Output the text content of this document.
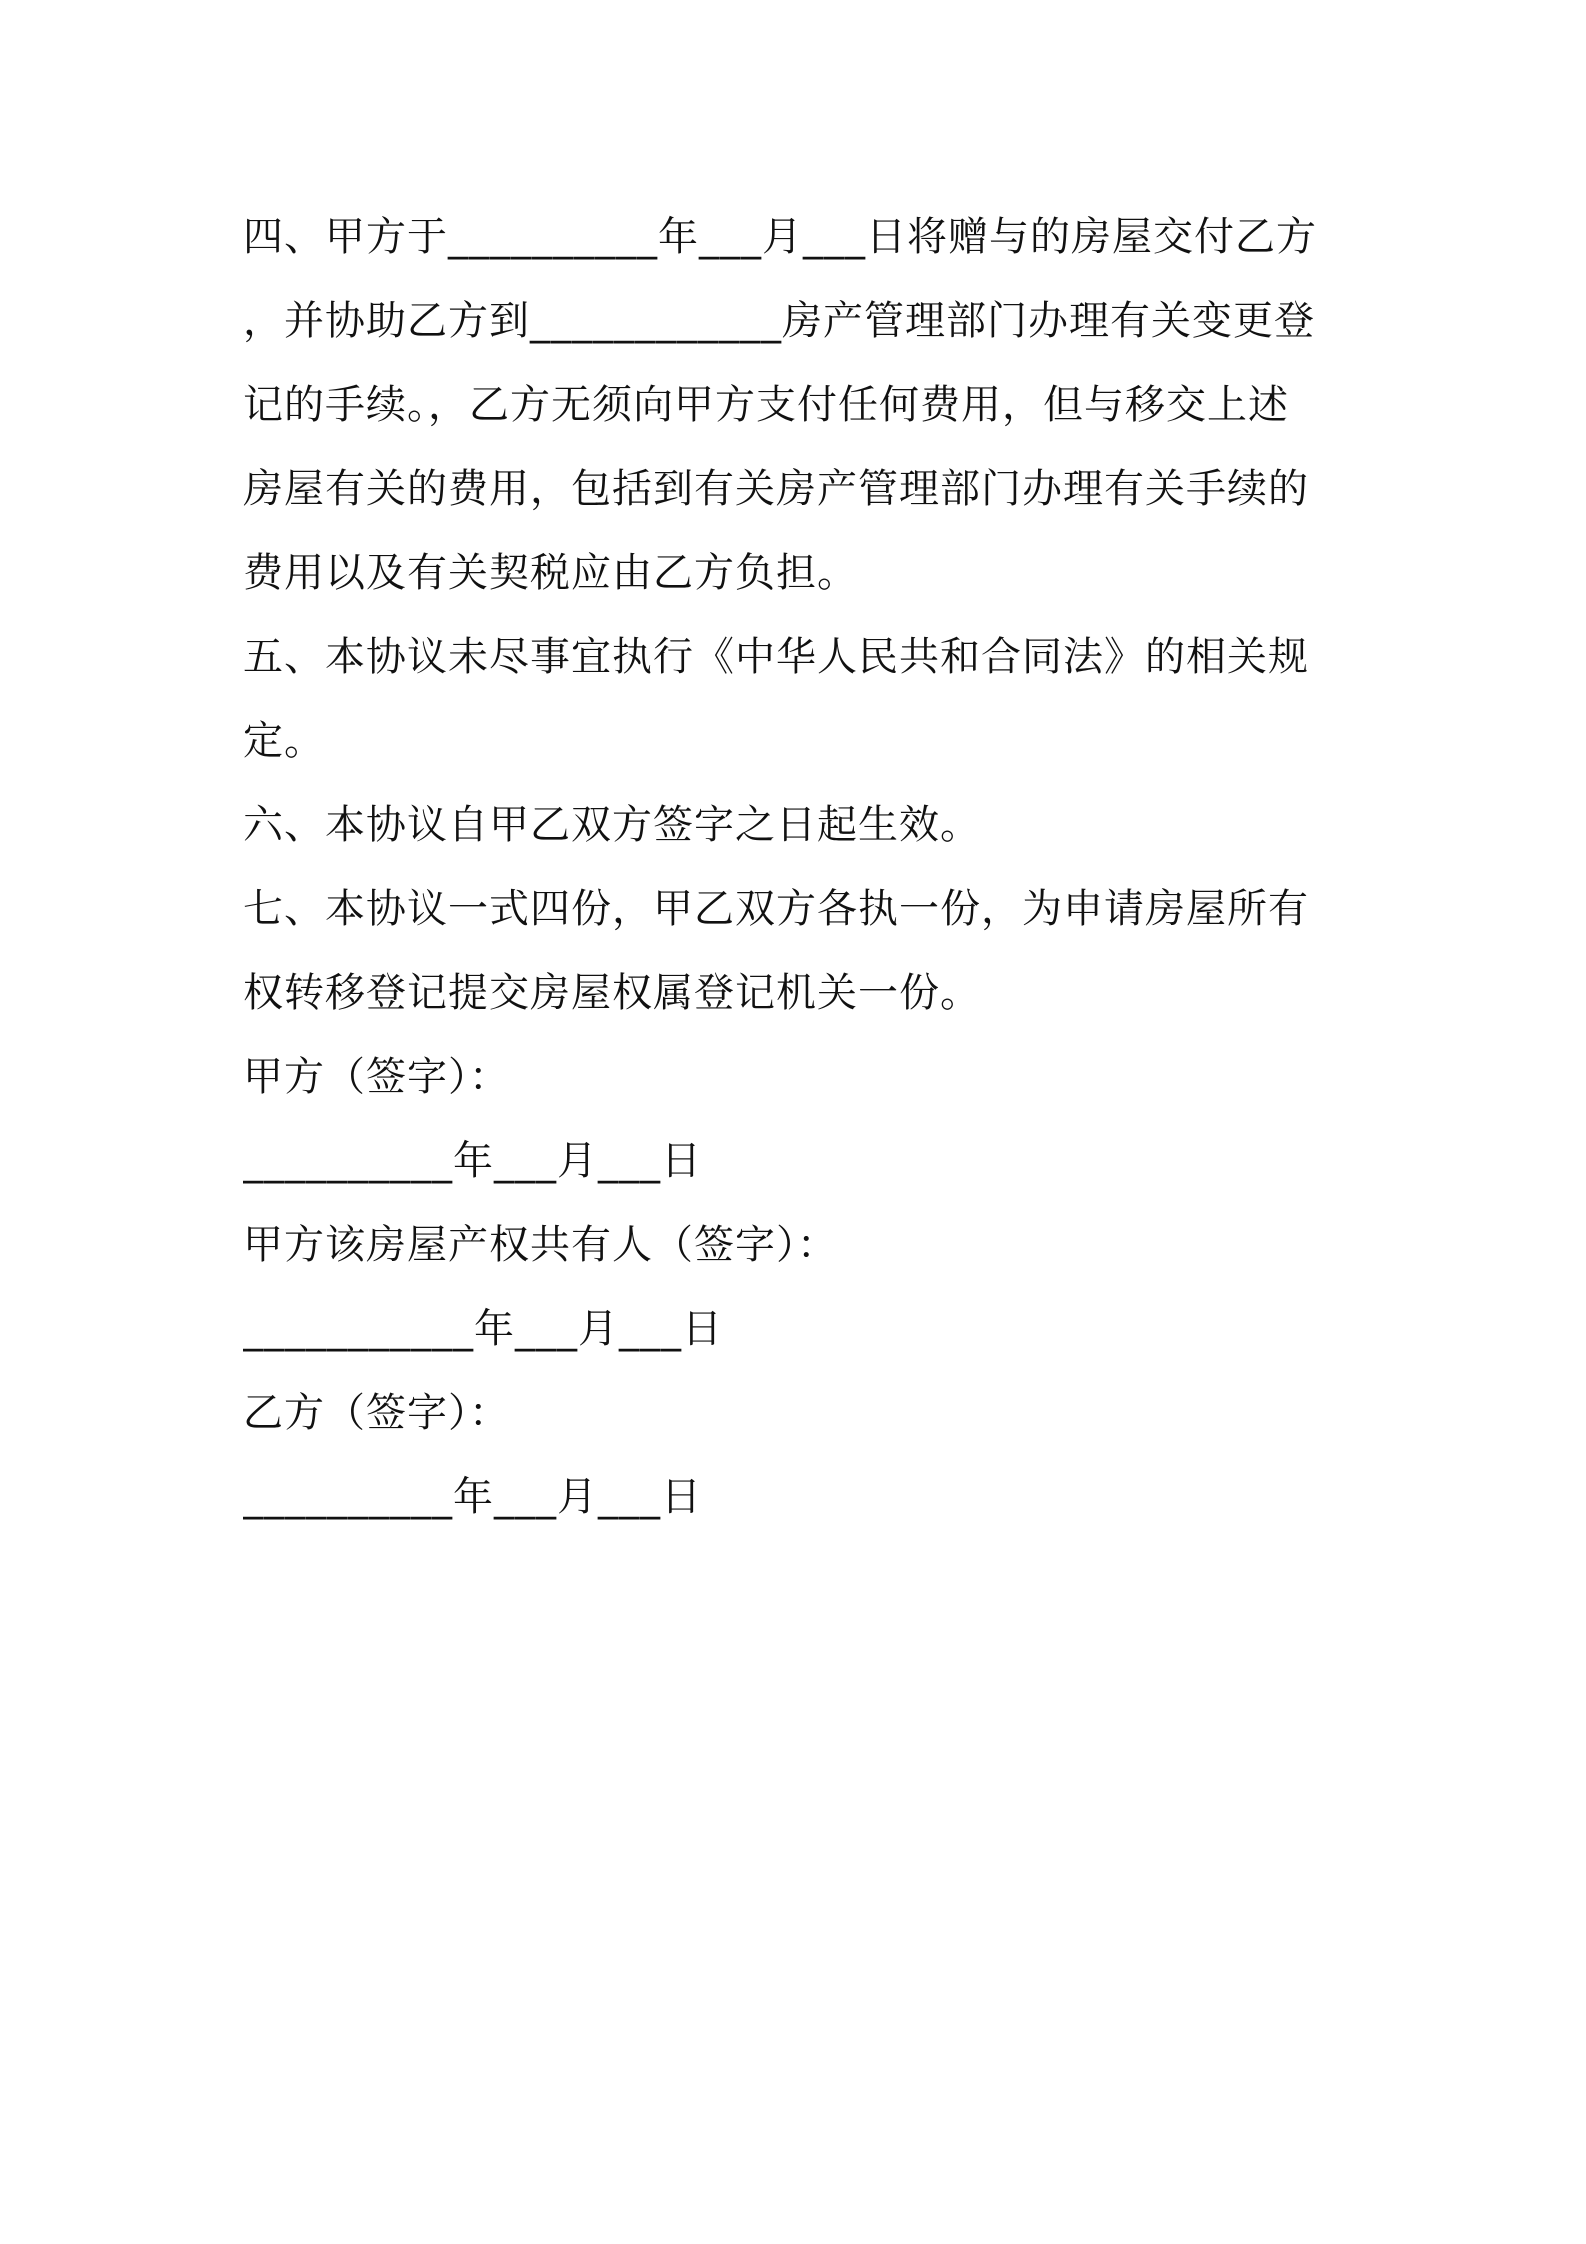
四、甲方于__________年___月___日将赠与的房屋交付乙方
，并协助乙方到____________房产管理部门办理有关变更登
记的手续。，乙方无须向甲方支付任何费用，但与移交上述
房屋有关的费用，包括到有关房产管理部门办理有关手续的
费用以及有关契税应由乙方负担。
五、本协议未尽事宜执行《中华人民共和合同法》的相关规
定。
六、本协议自甲乙双方签字之日起生效。
七、本协议一式四份，甲乙双方各执一份，为申请房屋所有
权转移登记提交房屋权属登记机关一份。
甲方（签字）：
__________年___月___日
甲方该房屋产权共有人（签字）：
___________年___月___日
乙方（签字）：
__________年___月___日
